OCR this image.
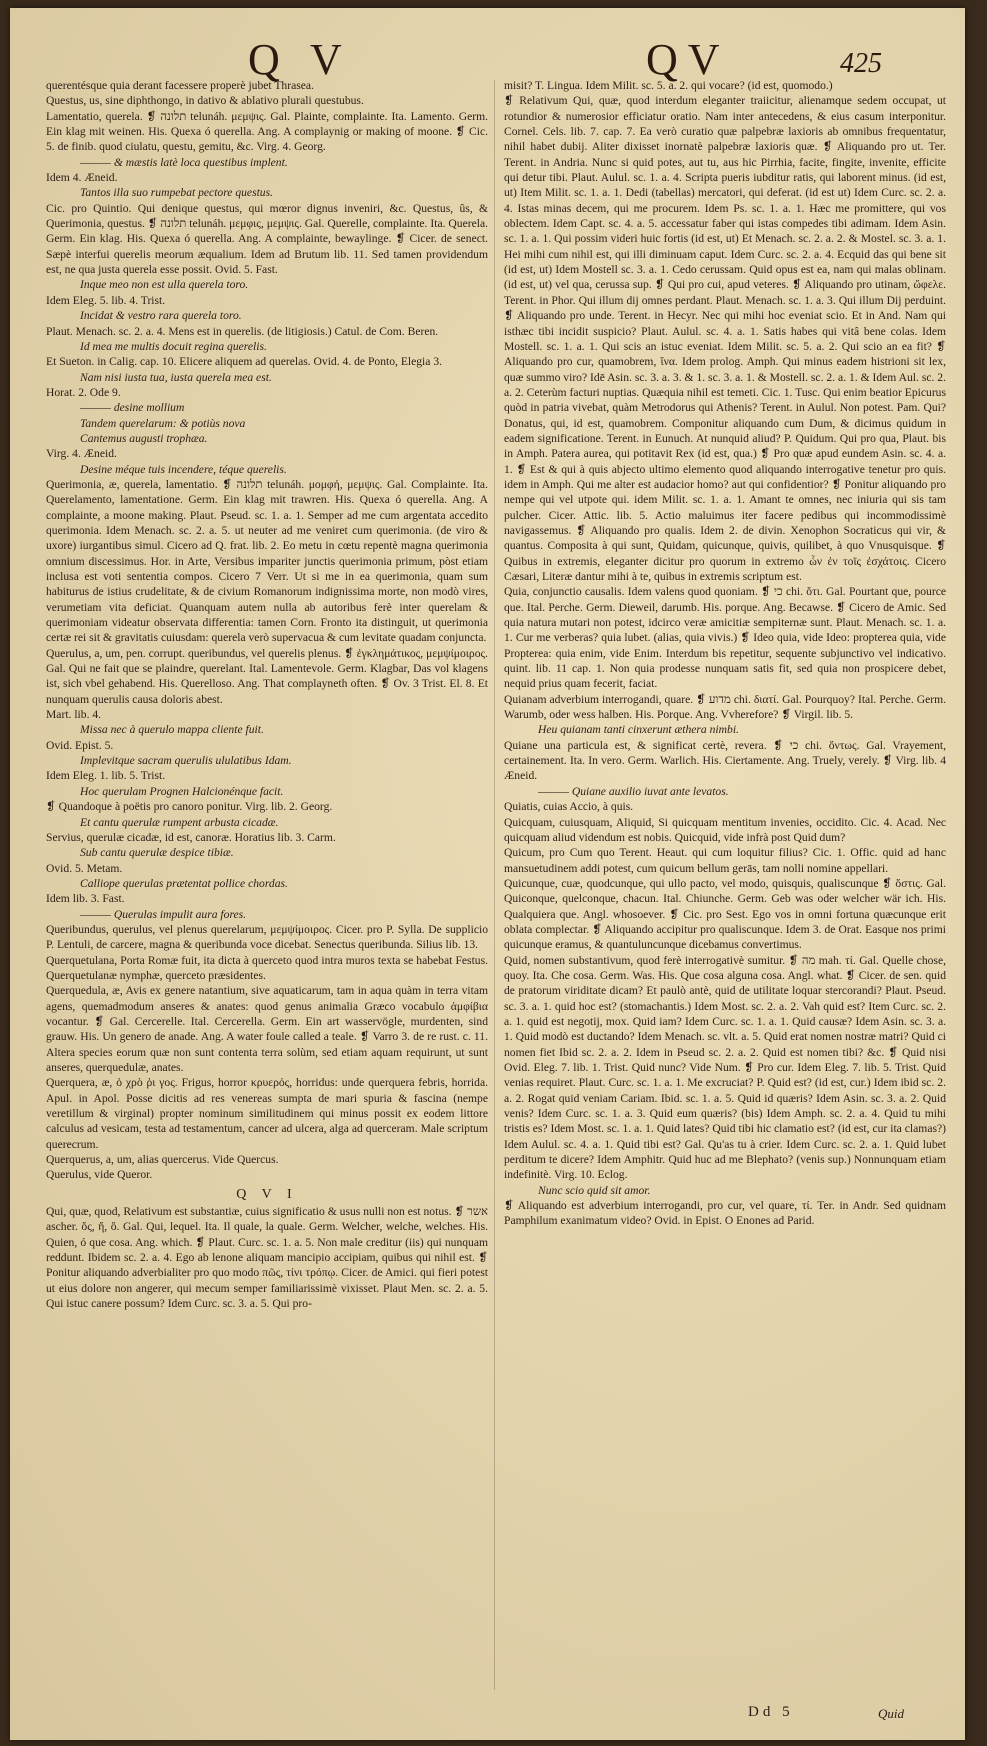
Q V	QV	425

querentésque quia derant facessere properè jubet Thrasea.

Questus, us, sine diphthongo, in dativo & ablativo plurali questubus.

Lamentatio, querela. ❡ תלונה telunáh. μεμψις. Gal. Plainte, complainte. Ita. Lamento. Germ. Ein klag mit weinen. His. Quexa ó querella. Ang. A complaynig or making of moone. ❡ Cic. 5. de finib. quod ciulatu, questu, gemitu, &c. Virg. 4. Georg.

——— & mæstis latè loca questibus implent.

Idem 4. Æneid.

Tantos illa suo rumpebat pectore questus.

Cic. pro Quintio. Qui denique questus, qui mœror dignus inveniri, &c. Questus, ûs, & Querimonia, questus. ❡ תלונה telunáh. μεμφις, μεμψις. Gal. Querelle, complainte. Ita. Querela. Germ. Ein klag. His. Quexa ó querella. Ang. A complainte, bewaylinge. ❡ Cicer. de senect. Sæpè interfui querelis meorum æqualium. Idem ad Brutum lib. 11. Sed tamen providendum est, ne qua justa querela esse possit. Ovid. 5. Fast.

Inque meo non est ulla querela toro.

Idem Eleg. 5. lib. 4. Trist.

Incidat & vestro rara querela toro.

Plaut. Menach. sc. 2. a. 4. Mens est in querelis. (de litigiosis.) Catul. de Com. Beren.

Id mea me multis docuit regina querelis.

Et Sueton. in Calig. cap. 10. Elicere aliquem ad querelas. Ovid. 4. de Ponto, Elegia 3.

Nam nisi iusta tua, iusta querela mea est.

Horat. 2. Ode 9.

——— desine mollium

Tandem querelarum: & potiùs nova

Cantemus augusti trophæa.

Virg. 4. Æneid.

Desine méque tuis incendere, téque querelis.

Querimonia, æ, querela, lamentatio. ❡ תלונה telunáh. μομφή, μεμψις. Gal. Complainte. Ita. Querelamento, lamentatione. Germ. Ein klag mit trawren. His. Quexa ó querella. Ang. A complainte, a moone making. Plaut. Pseud. sc. 1. a. 1. Semper ad me cum argentata accedito querimonia. Idem Menach. sc. 2. a. 5. ut neuter ad me veniret cum querimonia. (de viro & uxore) iurgantibus simul. Cicero ad Q. frat. lib. 2. Eo metu in cœtu repentè magna querimonia omnium discessimus. Hor. in Arte, Versibus impariter junctis querimonia primum, pòst etiam inclusa est voti sententia compos. Cicero 7 Verr. Ut si me in ea querimonia, quam sum habiturus de istius crudelitate, & de civium Romanorum indignissima morte, non modò vires, verumetiam vita deficiat. Quanquam autem nulla ab autoribus ferè inter querelam & querimoniam videatur observata differentia: tamen Corn. Fronto ita distinguit, ut querimonia certæ rei sit & gravitatis cuiusdam: querela verò supervacua & cum levitate quadam conjuncta.

Querulus, a, um, pen. corrupt. queribundus, vel querelis plenus. ❡ ἐγκλημάτικος, μεμψίμοιρος. Gal. Qui ne fait que se plaindre, querelant. Ital. Lamentevole. Germ. Klagbar, Das vol klagens ist, sich vbel gehabend. His. Querelloso. Ang. That complayneth often. ❡ Ov. 3 Trist. El. 8. Et nunquam querulis causa doloris abest.

Mart. lib. 4.

Missa nec à querulo mappa cliente fuit.

Ovid. Epist. 5.

Implevitque sacram querulis ululatibus Idam.

Idem Eleg. 1. lib. 5. Trist.

Hoc querulam Prognen Halcionénque facit.

❡ Quandoque à poëtis pro canoro ponitur. Virg. lib. 2. Georg.

Et cantu querulæ rumpent arbusta cicadæ.

Servius, querulæ cicadæ, id est, canoræ. Horatius lib. 3. Carm.

Sub cantu querulæ despice tibiæ.

Ovid. 5. Metam.

Calliope querulas prætentat pollice chordas.

Idem lib. 3. Fast.

——— Querulas impulit aura fores.

Queribundus, querulus, vel plenus querelarum, μεμψίμοιρος. Cicer. pro P. Sylla. De supplicio P. Lentuli, de carcere, magna & queribunda voce dicebat. Senectus queribunda. Silius lib. 13.

Querquetulana, Porta Romæ fuit, ita dicta à querceto quod intra muros texta se habebat Festus. Querquetulanæ nymphæ, querceto præsidentes.

Querquedula, æ, Avis ex genere natantium, sive aquaticarum, tam in aqua quàm in terra vitam agens, quemadmodum anseres & anates: quod genus animalia Græco vocabulo ἀμφίβια vocantur. ❡ Gal. Cercerelle. Ital. Cercerella. Germ. Ein art wasservögle, murdenten, sind grauw. His. Un genero de anade. Ang. A water foule called a teale. ❡ Varro 3. de re rust. c. 11. Altera species eorum quæ non sunt contenta terra solùm, sed etiam aquam requirunt, ut sunt anseres, querquedulæ, anates.

Querquera, æ, ὁ χρὸ ῥι γος. Frigus, horror κρυερός, horridus: unde querquera febris, horrida. Apul. in Apol. Posse dicitis ad res venereas sumpta de mari spuria & fascina (nempe veretillum & virginal) propter nominum similitudinem qui minus possit ex eodem littore calculus ad vesicam, testa ad testamentum, cancer ad ulcera, alga ad querceram. Male scriptum querecrum.

Querquerus, a, um, alias quercerus. Vide Quercus.

Querulus, vide Queror.

Q V I

Qui, quæ, quod, Relativum est substantiæ, cuius significatio & usus nulli non est notus. ❡ אשר ascher. ὅς, ἥ, ὅ. Gal. Qui, lequel. Ita. Il quale, la quale. Germ. Welcher, welche, welches. His. Quien, ó que cosa. Ang. which. ❡ Plaut. Curc. sc. 1. a. 5. Non male creditur (iis) qui nunquam reddunt. Ibidem sc. 2. a. 4. Ego ab lenone aliquam mancipio accipiam, quibus qui nihil est. ❡ Ponitur aliquando adverbialiter pro quo modo πῶς, τίνι τρόπῳ. Cicer. de Amici. qui fieri potest ut eius dolore non angerer, qui mecum semper familiarissimè vixisset. Plaut Men. sc. 2. a. 5. Qui istuc canere possum? Idem Curc. sc. 3. a. 5. Qui pro-

misit? T. Lingua. Idem Milit. sc. 5. a. 2. qui vocare? (id est, quomodo.)

❡ Relativum Qui, quæ, quod interdum eleganter traiicitur, alienamque sedem occupat, ut rotundior & numerosior efficiatur oratio. Nam inter antecedens, & eius casum interponitur. Cornel. Cels. lib. 7. cap. 7. Ea verò curatio quæ palpebræ laxioris ab omnibus frequentatur, nihil habet dubij. Aliter dixisset inornatè palpebræ laxioris quæ. ❡ Aliquando pro ut. Ter. Terent. in Andria. Nunc si quid potes, aut tu, aus hic Pirrhia, facite, fingite, invenite, efficite qui detur tibi. Plaut. Aulul. sc. 1. a. 4. Scripta pueris iubditur ratis, qui laborent minus. (id est, ut) Item Milit. sc. 1. a. 1. Dedi (tabellas) mercatori, qui deferat. (id est ut) Idem Curc. sc. 2. a. 4. Istas minas decem, qui me procurem. Idem Ps. sc. 1. a. 1. Hæc me promittere, qui vos oblectem. Idem Capt. sc. 4. a. 5. accessatur faber qui istas compedes tibi adimam. Idem Asin. sc. 1. a. 1. Qui possim videri huic fortis (id est, ut) Et Menach. sc. 2. a. 2. & Mostel. sc. 3. a. 1. Hei mihi cum nihil est, qui illi diminuam caput. Idem Curc. sc. 2. a. 4. Ecquid das qui bene sit (id est, ut) Idem Mostell sc. 3. a. 1. Cedo cerussam. Quid opus est ea, nam qui malas oblinam. (id est, ut) vel qua, cerussa sup. ❡ Qui pro cui, apud veteres. ❡ Aliquando pro utinam, ὤφελε. Terent. in Phor. Qui illum dij omnes perdant. Plaut. Menach. sc. 1. a. 3. Qui illum Dij perduint. ❡ Aliquando pro unde. Terent. in Hecyr. Nec qui mihi hoc eveniat scio. Et in And. Nam qui isthæc tibi incidit suspicio? Plaut. Aulul. sc. 4. a. 1. Satis habes qui vitâ bene colas. Idem Mostell. sc. 1. a. 1. Qui scis an istuc eveniat. Idem Milit. sc. 5. a. 2. Qui scio an ea fit? ❡ Aliquando pro cur, quamobrem, ἵνα. Idem prolog. Amph. Qui minus eadem histrioni sit lex, quæ summo viro? Idē Asin. sc. 3. a. 3. & 1. sc. 3. a. 1. & Mostell. sc. 2. a. 1. & Idem Aul. sc. 2. a. 2. Ceterùm facturi nuptias. Quæquia nihil est temeti. Cic. 1. Tusc. Qui enim beatior Epicurus quòd in patria vivebat, quàm Metrodorus qui Athenis? Terent. in Aulul. Non potest. Pam. Qui? Donatus, qui, id est, quamobrem. Componitur aliquando cum Dum, & dicimus quidum in eadem significatione. Terent. in Eunuch. At nunquid aliud? P. Quidum. Qui pro qua, Plaut. bis in Amph. Patera aurea, qui potitavit Rex (id est, qua.) ❡ Pro quæ apud eundem Asin. sc. 4. a. 1. ❡ Est & qui à quis abjecto ultimo elemento quod aliquando interrogative tenetur pro quis. idem in Amph. Qui me alter est audacior homo? aut qui confidentior? ❡ Ponitur aliquando pro nempe qui vel utpote qui. idem Milit. sc. 1. a. 1. Amant te omnes, nec iniuria qui sis tam pulcher. Cicer. Attic. lib. 5. Actio maluimus iter facere pedibus qui incommodissimè navigassemus. ❡ Aliquando pro qualis. Idem 2. de divin. Xenophon Socraticus qui vir, & quantus. Composita à qui sunt, Quidam, quicunque, quivis, quilibet, à quo Vnusquisque. ❡ Quibus in extremis, eleganter dicitur pro quorum in extremo ὧν ἐν τοῖς ἐσχάτοις. Cicero Cæsari, Literæ dantur mihi à te, quibus in extremis scriptum est.

Quia, conjunctio causalis. Idem valens quod quoniam. ❡ כי chi. ὅτι. Gal. Pourtant que, pource que. Ital. Perche. Germ. Dieweil, darumb. His. porque. Ang. Becawse. ❡ Cicero de Amic. Sed quia natura mutari non potest, idcirco veræ amicitiæ sempiternæ sunt. Plaut. Menach. sc. 1. a. 1. Cur me verberas? quia lubet. (alias, quia vivis.) ❡ Ideo quia, vide Ideo: propterea quia, vide Propterea: quia enim, vide Enim. Interdum bis repetitur, sequente subjunctivo vel indicativo. quint. lib. 11 cap. 1. Non quia prodesse nunquam satis fit, sed quia non prospicere debet, nequid prius quam fecerit, faciat.

Quianam adverbium interrogandi, quare. ❡ מדוע chi. διατί. Gal. Pourquoy? Ital. Perche. Germ. Warumb, oder wess halben. His. Porque. Ang. Vvherefore? ❡ Virgil. lib. 5.

Heu quianam tanti cinxerunt æthera nimbi.

Quiane una particula est, & significat certè, revera. ❡ כי chi. ὄντως. Gal. Vrayement, certainement. Ita. In vero. Germ. Warlich. His. Ciertamente. Ang. Truely, verely. ❡ Virg. lib. 4 Æneid.

——— Quiane auxilio iuvat ante levatos.

Quiatis, cuias Accio, à quis.

Quicquam, cuiusquam, Aliquid, Si quicquam mentitum invenies, occidito. Cic. 4. Acad. Nec quicquam aliud videndum est nobis. Quicquid, vide infrà post Quid dum?

Quicum, pro Cum quo Terent. Heaut. qui cum loquitur filius? Cic. 1. Offic. quid ad hanc mansuetudinem addi potest, cum quicum bellum gerās, tam nolli nomine appellari.

Quicunque, cuæ, quodcunque, qui ullo pacto, vel modo, quisquis, qualiscunque ❡ ὅστις. Gal. Quiconque, quelconque, chacun. Ital. Chiunche. Germ. Geb was oder welcher wär ich. His. Qualquiera que. Angl. whosoever. ❡ Cic. pro Sest. Ego vos in omni fortuna quæcunque erit oblata complectar. ❡ Aliquando accipitur pro qualiscunque. Idem 3. de Orat. Easque nos primi quicunque eramus, & quantuluncunque dicebamus convertimus.

Quid, nomen substantivum, quod ferè interrogativè sumitur. ❡ מה mah. τί. Gal. Quelle chose, quoy. Ita. Che cosa. Germ. Was. His. Que cosa alguna cosa. Angl. what. ❡ Cicer. de sen. quid de pratorum viriditate dicam? Et paulò antè, quid de utilitate loquar stercorandi? Plaut. Pseud. sc. 3. a. 1. quid hoc est? (stomachantis.) Idem Most. sc. 2. a. 2. Vah quid est? Item Curc. sc. 2. a. 1. quid est negotij, mox. Quid iam? Idem Curc. sc. 1. a. 1. Quid causæ? Idem Asin. sc. 3. a. 1. Quid modò est ductando? Idem Menach. sc. vlt. a. 5. Quid erat nomen nostræ matri? Quid ci nomen fiet Ibid sc. 2. a. 2. Idem in Pseud sc. 2. a. 2. Quid est nomen tibi? &c. ❡ Quid nisi Ovid. Eleg. 7. lib. 1. Trist. Quid nunc? Vide Num. ❡ Pro cur. Idem Eleg. 7. lib. 5. Trist. Quid venias requiret. Plaut. Curc. sc. 1. a. 1. Me excruciat? P. Quid est? (id est, cur.) Idem ibid sc. 2. a. 2. Rogat quid veniam Cariam. Ibid. sc. 1. a. 5. Quid id quæris? Idem Asin. sc. 3. a. 2. Quid venis? Idem Curc. sc. 1. a. 3. Quid eum quæris? (bis) Idem Amph. sc. 2. a. 4. Quid tu mihi tristis es? Idem Most. sc. 1. a. 1. Quid lates? Quid tibi hic clamatio est? (id est, cur ita clamas?) Idem Aulul. sc. 4. a. 1. Quid tibi est? Gal. Qu'as tu à crier. Idem Curc. sc. 2. a. 1. Quid lubet perditum te dicere? Idem Amphitr. Quid huc ad me Blephato? (venis sup.) Nonnunquam etiam indefinitè. Virg. 10. Eclog.

Nunc scio quid sit amor.

❡ Aliquando est adverbium interrogandi, pro cur, vel quare, τί. Ter. in Andr. Sed quidnam Pamphilum exanimatum video? Ovid. in Epist. O Enones ad Parid.

Dd 5	Quid
